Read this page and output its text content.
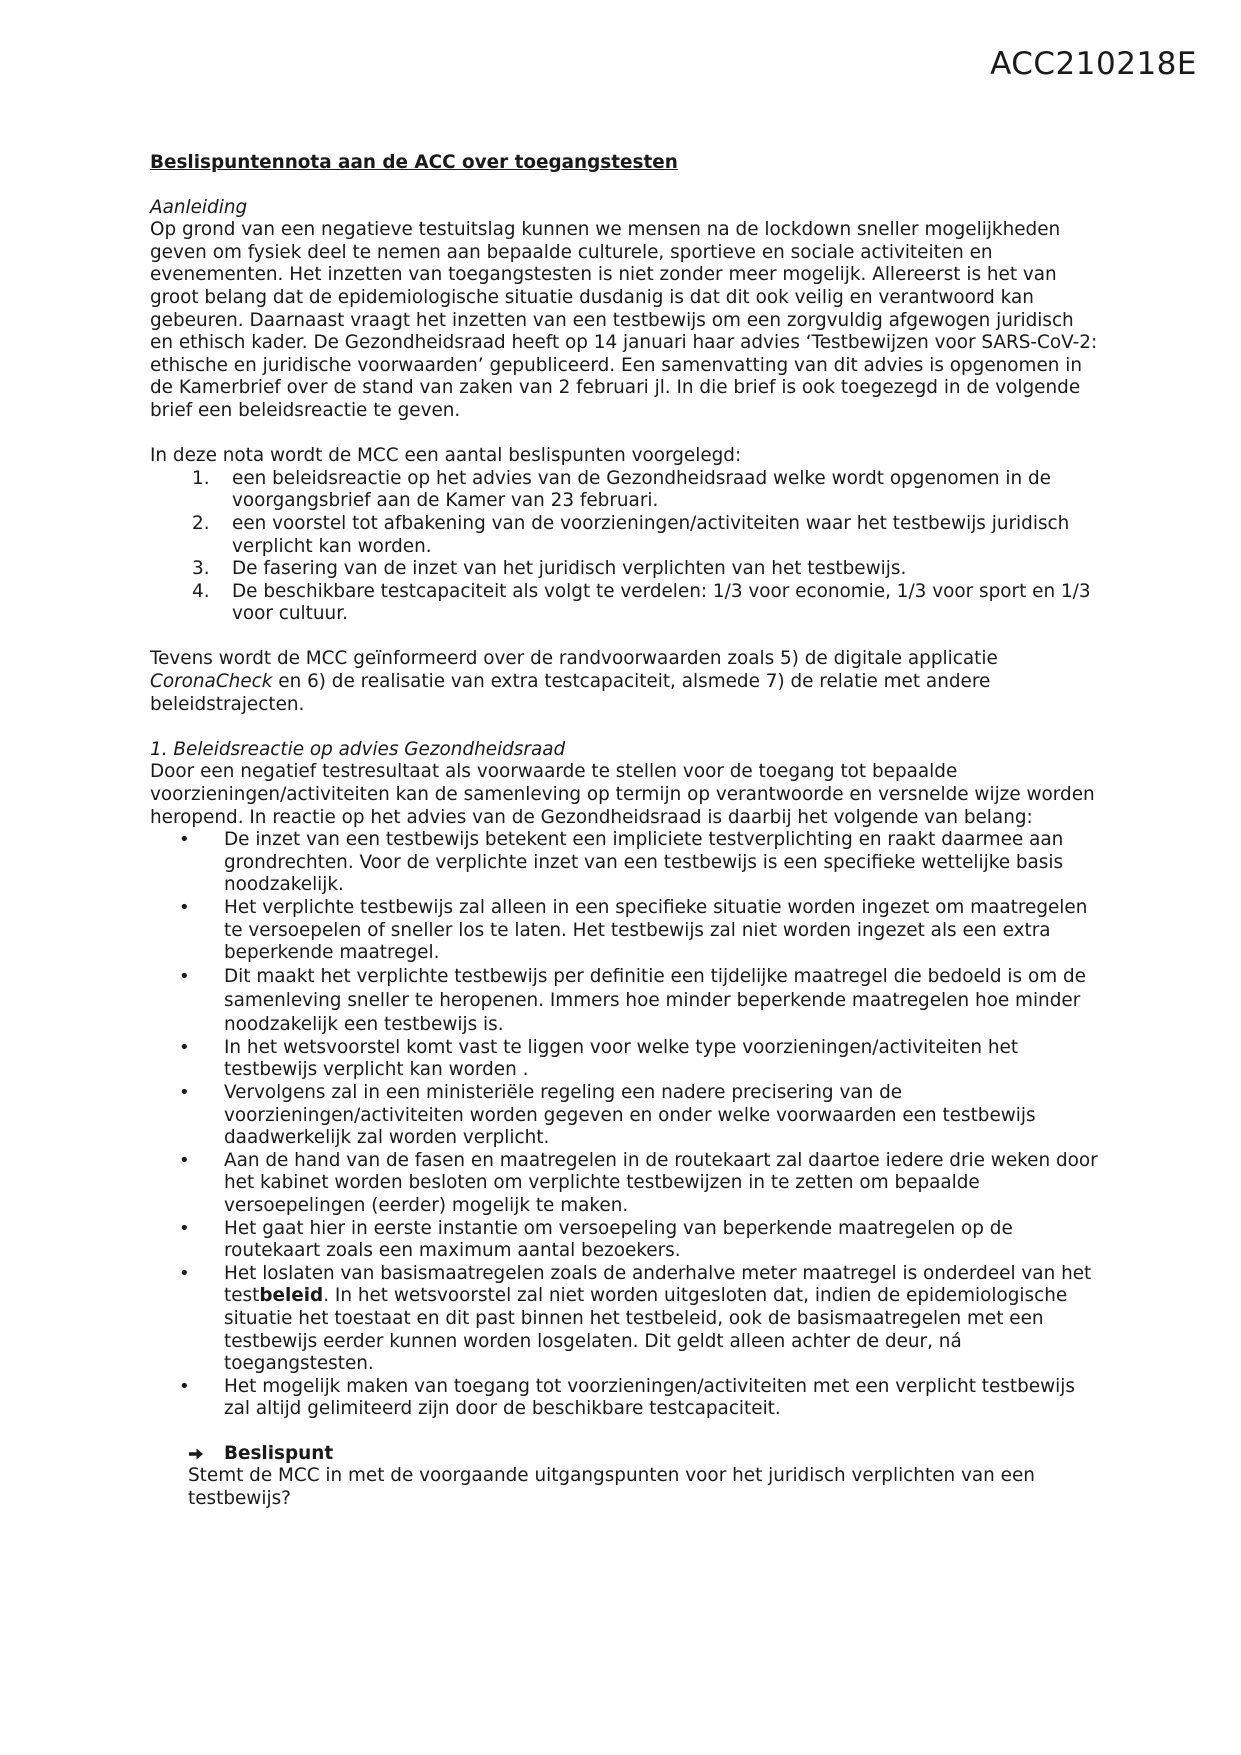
ACC210218E

Beslispuntennota aan de ACC over toegangstesten

Aanleiding

Op grond van een negatieve testuitslag kunnen we mensen na de lockdown sneller mogelijkheden geven om fysiek deel te nemen aan bepaalde culturele, sportieve en sociale activiteiten en evenementen. Het inzetten van toegangstesten is niet zonder meer mogelijk. Allereerst is het van groot belang dat de epidemiologische situatie dusdanig is dat dit ook veilig en verantwoord kan gebeuren. Daarnaast vraagt het inzetten van een testbewijs om een zorgvuldig afgewogen juridisch en ethisch kader. De Gezondheidsraad heeft op 14 januari haar advies ‘Testbewijzen voor SARS-CoV-2: ethische en juridische voorwaarden’ gepubliceerd. Een samenvatting van dit advies is opgenomen in de Kamerbrief over de stand van zaken van 2 februari jl. In die brief is ook toegezegd in de volgende brief een beleidsreactie te geven.

In deze nota wordt de MCC een aantal beslispunten voorgelegd:

1. een beleidsreactie op het advies van de Gezondheidsraad welke wordt opgenomen in de voorgangsbrief aan de Kamer van 23 februari.
2. een voorstel tot afbakening van de voorzieningen/activiteiten waar het testbewijs juridisch verplicht kan worden.
3. De fasering van de inzet van het juridisch verplichten van het testbewijs.
4. De beschikbare testcapaciteit als volgt te verdelen: 1/3 voor economie, 1/3 voor sport en 1/3 voor cultuur.

Tevens wordt de MCC geïnformeerd over de randvoorwaarden zoals 5) de digitale applicatie CoronaCheck en 6) de realisatie van extra testcapaciteit, alsmede 7) de relatie met andere beleidstrajecten.

1. Beleidsreactie op advies Gezondheidsraad

Door een negatief testresultaat als voorwaarde te stellen voor de toegang tot bepaalde voorzieningen/activiteiten kan de samenleving op termijn op verantwoorde en versnelde wijze worden heropend. In reactie op het advies van de Gezondheidsraad is daarbij het volgende van belang:

• De inzet van een testbewijs betekent een impliciete testverplichting en raakt daarmee aan grondrechten. Voor de verplichte inzet van een testbewijs is een specifieke wettelijke basis noodzakelijk.
• Het verplichte testbewijs zal alleen in een specifieke situatie worden ingezet om maatregelen te versoepelen of sneller los te laten. Het testbewijs zal niet worden ingezet als een extra beperkende maatregel.
• Dit maakt het verplichte testbewijs per definitie een tijdelijke maatregel die bedoeld is om de samenleving sneller te heropenen. Immers hoe minder beperkende maatregelen hoe minder noodzakelijk een testbewijs is.
• In het wetsvoorstel komt vast te liggen voor welke type voorzieningen/activiteiten het testbewijs verplicht kan worden .
• Vervolgens zal in een ministeriële regeling een nadere precisering van de voorzieningen/activiteiten worden gegeven en onder welke voorwaarden een testbewijs daadwerkelijk zal worden verplicht.
• Aan de hand van de fasen en maatregelen in de routekaart zal daartoe iedere drie weken door het kabinet worden besloten om verplichte testbewijzen in te zetten om bepaalde versoepelingen (eerder) mogelijk te maken.
• Het gaat hier in eerste instantie om versoepeling van beperkende maatregelen op de routekaart zoals een maximum aantal bezoekers.
• Het loslaten van basismaatregelen zoals de anderhalve meter maatregel is onderdeel van het testbeleid. In het wetsvoorstel zal niet worden uitgesloten dat, indien de epidemiologische situatie het toestaat en dit past binnen het testbeleid, ook de basismaatregelen met een testbewijs eerder kunnen worden losgelaten. Dit geldt alleen achter de deur, ná toegangstesten.
• Het mogelijk maken van toegang tot voorzieningen/activiteiten met een verplicht testbewijs zal altijd gelimiteerd zijn door de beschikbare testcapaciteit.
Beslispunt

Stemt de MCC in met de voorgaande uitgangspunten voor het juridisch verplichten van een testbewijs?
